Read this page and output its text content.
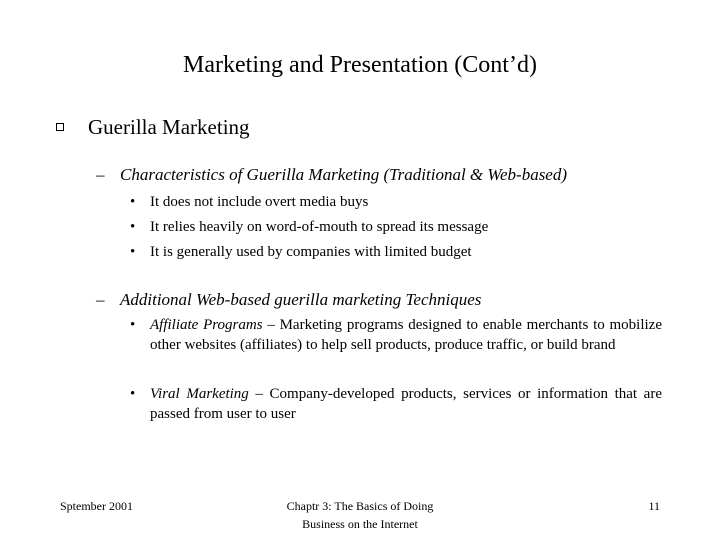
Marketing and Presentation (Cont’d)
Guerilla Marketing
– Characteristics of Guerilla Marketing (Traditional & Web-based)
• It does not include overt media buys
• It relies heavily on word-of-mouth to spread its message
• It is generally used by companies with limited budget
– Additional Web-based guerilla marketing Techniques
• Affiliate Programs – Marketing programs designed to enable merchants to mobilize other websites (affiliates) to help sell products, produce traffic, or build brand
• Viral Marketing – Company-developed products, services or information that are passed from user to user
Sptember 2001	Chaptr 3: The Basics of Doing
Business on the Internet
11
